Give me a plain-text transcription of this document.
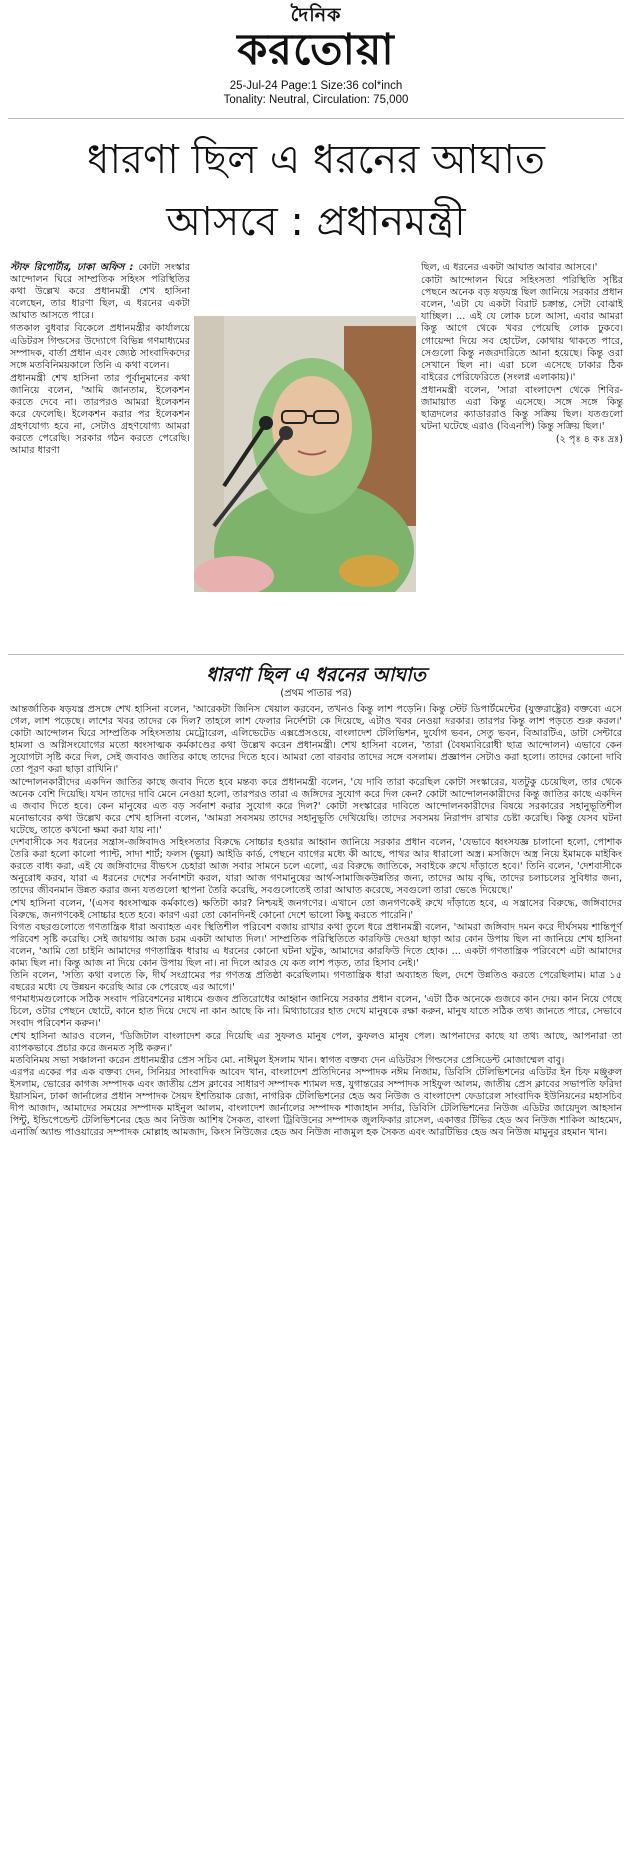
দৈনিক
করতোয়া
25-Jul-24 Page:1 Size:36 col*inch
Tonality: Neutral, Circulation: 75,000
ধারণা ছিল এ ধরনের আঘাত
আসবে : প্রধানমন্ত্রী

স্টাফ রিপোর্টার, ঢাকা অফিস : কোটা সংস্কার আন্দোলন ঘিরে সাম্প্রতিক সহিংস পরিস্থিতির কথা উল্লেখ করে প্রধানমন্ত্রী শেখ হাসিনা বলেছেন, তার ধারণা ছিল, এ ধরনের একটা আঘাত আসতে পারে।

গতকাল বুধবার বিকেলে প্রধানমন্ত্রীর কার্যালয়ে এডিটরস গিল্ডসের উদ্যোগে বিভিন্ন গণমাধ্যমের সম্পাদক, বার্তা প্রধান এবং জ্যেষ্ঠ সাংবাদিকদের সঙ্গে মতবিনিময়কালে তিনি এ কথা বলেন।

প্রধানমন্ত্রী শেখ হাসিনা তার পূর্বানুমানের কথা জানিয়ে বলেন, 'আমি জানতাম, ইলেকশন করতে দেবে না। তারপরও আমরা ইলেকশন করে ফেলেছি। ইলেকশন করার পর ইলেকশন গ্রহণযোগ্য হবে না, সেটাও গ্রহণযোগ্য আমরা করতে পেরেছি। সরকার গঠন করতে পেরেছি। আমার ধারণা

ছিল, এ ধরনের একটা আঘাত আবার আসবে।'

কোটা আন্দোলন ঘিরে সহিংসতা পরিস্থিতি সৃষ্টির পেছনে অনেক বড় ষড়যন্ত্র ছিল জানিয়ে সরকার প্রধান বলেন, 'এটা যে একটা বিরাট চক্রান্ত, সেটা বোঝাই যাচ্ছিল। ... এই যে লোক চলে আসা, এবার আমরা কিন্তু আগে থেকে খবর পেয়েছি লোক ঢুকবে। গোয়েন্দা দিয়ে সব হোটেল, কোথায় থাকতে পারে, সেগুলো কিন্তু নজরদারিতে আনা হয়েছে। কিন্তু ওরা সেখানে ছিল না। এরা চলে এসেছে ঢাকার ঠিক বাইরের পেরিফেরিতে (সংলগ্ন এলাকায়)।'

প্রধানমন্ত্রী বলেন, 'সারা বাংলাদেশ থেকে শিবির-জামায়াত এরা কিন্তু এসেছে। সঙ্গে সঙ্গে কিন্তু ছাত্রদলের ক্যাডাররাও কিন্তু সক্রিয় ছিল। যতগুলো ঘটনা ঘটেছে এরাও (বিএনপি) কিন্তু সক্রিয় ছিল।'

(২ পৃঃ ৪ কঃ দ্রঃ)

ধারণা ছিল এ ধরনের আঘাত
(প্রথম পাতার পর)

আন্তর্জাতিক ষড়যন্ত্র প্রসঙ্গে শেখ হাসিনা বলেন, 'আরেকটা জিনিস খেয়াল করবেন, তখনও কিন্তু লাশ পড়েনি। কিন্তু স্টেট ডিপার্টমেন্টের (যুক্তরাষ্ট্রের) বক্তব্যে এসে গেল, লাশ পড়েছে। লাশের খবর তাদের কে দিল? তাহলে লাশ ফেলার নির্দেশটা কে দিয়েছে, এটাও খবর নেওয়া দরকার। তারপর কিন্তু লাশ পড়তে শুরু করল।' কোটা আন্দোলন ঘিরে সাম্প্রতিক সহিংসতায় মেট্রোরেল, এলিভেটেড এক্সপ্রেসওয়ে, বাংলাদেশ টেলিভিশন, দুর্যোগ ভবন, সেতু ভবন, বিআরটিএ, ডাটা সেন্টারে হামলা ও অগ্নিসংযোগের মতো ধ্বংসাত্মক কর্মকাণ্ডের কথা উল্লেখ করেন প্রধানমন্ত্রী। শেখ হাসিনা বলেন, 'তারা (বৈষম্যবিরোধী ছাত্র আন্দোলন) এভাবে কেন সুযোগটা সৃষ্টি করে দিল, সেই জবাবও জাতির কাছে তাদের দিতে হবে। আমরা তো বারবার তাদের সঙ্গে বসলাম। প্রজ্ঞাপন সেটাও করা হলো। তাদের কোনো দাবি তো পূরণ করা ছাড়া রাখিনি।'

আন্দোলনকারীদের একদিন জাতির কাছে জবাব দিতে হবে মন্তব্য করে প্রধানমন্ত্রী বলেন, 'যে দাবি তারা করেছিল কোটা সংস্কারের, যতটুকু চেয়েছিল, তার থেকে অনেক বেশি দিয়েছি। যখন তাদের দাবি মেনে নেওয়া হলো, তারপরও তারা এ জঙ্গিদের সুযোগ করে দিল কেন? কোটা আন্দোলনকারীদের কিন্তু জাতির কাছে একদিন এ জবাব দিতে হবে। কেন মানুষের এত বড় সর্বনাশ করার সুযোগ করে দিল?' কোটা সংস্কারের দাবিতে আন্দোলনকারীদের বিষয়ে সরকারের সহানুভূতিশীল মনোভাবের কথা উল্লেখ করে শেখ হাসিনা বলেন, 'আমরা সবসময় তাদের সহানুভূতি দেখিয়েছি। তাদের সবসময় নিরাপদ রাখার চেষ্টা করেছি। কিন্তু যেসব ঘটনা ঘটেছে, তাতে কখনো ক্ষমা করা যায় না।'

দেশবাসীকে সব ধরনের সন্ত্রাস-জঙ্গিবাদও সহিংসতার বিরুদ্ধে সোচ্চার হওয়ার আহ্বান জানিয়ে সরকার প্রধান বলেন, 'যেভাবে ধ্বংসযজ্ঞ চালানো হলো, পোশাক তৈরি করা হলো কালো প্যান্ট, সাদা শার্ট; ফলস (ভুয়া) আইডি কার্ড, পেছনে ব্যাগের মধ্যে কী আছে, পাথর আর ধারালো অস্ত্র। মসজিদে অস্ত্র নিয়ে ইমামকে মাইকিং করতে বাধ্য করা, এই যে জঙ্গিবাদের বীভৎস চেহারা আজ সবার সামনে চলে এলো, এর বিরুদ্ধে জাতিকে, সবাইকে রুখে দাঁড়াতে হবে।' তিনি বলেন, 'দেশবাসীকে অনুরোধ করব, যারা এ ধরনের দেশের সর্বনাশটা করল, যারা আজ গণমানুষের আর্থ-সামাজিকউন্নতির জন্য, তাদের আয় বৃদ্ধি, তাদের চলাচলের সুবিধার জন্য, তাদের জীবনমান উন্নত করার জন্য যতগুলো স্থাপনা তৈরি করেছি, সবগুলোতেই তারা আঘাত করেছে, সবগুলো তারা ভেঙে দিয়েছে।'

শেখ হাসিনা বলেন, '(এসব ধ্বংসাত্মক কর্মকাণ্ডে) ক্ষতিটা কার? নিশ্চয়ই জনগণের। এখানে তো জনগণকেই রুখে দাঁড়াতে হবে, এ সন্ত্রাসের বিরুদ্ধে, জঙ্গিবাদের বিরুদ্ধে, জনগণকেই সোচ্চার হতে হবে। কারণ এরা তো কোনদিনই কোনো দেশে ভালো কিছু করতে পারেনি।'

বিগত বছরগুলোতে গণতান্ত্রিক ধারা অব্যাহত এবং স্থিতিশীল পরিবেশ বজায় রাখার কথা তুলে ধরে প্রধানমন্ত্রী বলেন, 'আমরা জঙ্গিবাদ দমন করে দীর্ঘসময় শান্তিপূর্ণ পরিবেশ সৃষ্টি করেছি। সেই জায়গায় আজ চরম একটা আঘাত দিল।' সাম্প্রতিক পরিস্থিতিতে কারফিউ দেওয়া ছাড়া আর কোন উপায় ছিল না জানিয়ে শেখ হাসিনা বলেন, 'আমি তো চাইনি আমাদের গণতান্ত্রিক ধারায় এ ধরনের কোনো ঘটনা ঘটুক, আমাদের কারফিউ দিতে হোক। ... একটা গণতান্ত্রিক পরিবেশে এটা আমাদের কাম্য ছিল না। কিন্তু আজ না দিয়ে কোন উপায় ছিল না। না দিলে আরও যে কত লাশ পড়ত, তার হিসাব নেই।'

তিনি বলেন, 'সত্যি কথা বলতে কি, দীর্ঘ সংগ্রামের পর গণতন্ত্র প্রতিষ্ঠা করেছিলাম। গণতান্ত্রিক ধারা অব্যাহত ছিল, দেশে উন্নতিও করতে পেরেছিলাম। মাত্র ১৫ বছরের মধ্যে যে উন্নয়ন করেছি আর কে পেরেছে এর আগে।'

গণমাধ্যমগুলোকে সঠিক সংবাদ পরিবেশনের মাধ্যমে গুজব প্রতিরোধের আহ্বান জানিয়ে সরকার প্রধান বলেন, 'এটা ঠিক অনেকে গুজবে কান দেয়। কান নিয়ে গেছে চিলে, ওটার পেছনে ছোটে, কানে হাত দিয়ে দেখে না কান আছে কি না। মিথ্যাচারের হাত দেখে মানুষকে রক্ষা করুন, মানুষ যাতে সঠিক তথ্য জানতে পারে, সেভাবে সংবাদ পরিবেশন করুন।'

শেখ হাসিনা আরও বলেন, 'ডিজিটাল বাংলাদেশ করে দিয়েছি এর সুফলও মানুষ পেল, কুফলও মানুষ পেল। আপনাদের কাছে যা তথ্য আছে, আপনারা তা ব্যাপকভাবে প্রচার করে জনমত সৃষ্টি করুন।'

মতবিনিময় সভা সঞ্চালনা করেন প্রধানমন্ত্রীর প্রেস সচিব মো. নাঈমুল ইসলাম খান। স্বাগত বক্তব্য দেন এডিটরস গিল্ডসের প্রেসিডেন্ট মোজাম্মেল বাবু।

এরপর একের পর এক বক্তব্য দেন, সিনিয়র সাংবাদিক আবেদ খান, বাংলাদেশ প্রতিদিনের সম্পাদক নঈম নিজাম, ডিবিসি টেলিভিশনের এডিটর ইন চিফ মঞ্জুরুল ইসলাম, ভোরের কাগজ সম্পাদক এবং জাতীয় প্রেস ক্লাবের সাধারণ সম্পাদক শ্যামল দত্ত, যুগান্তরের সম্পাদক সাইফুল আলম, জাতীয় প্রেস ক্লাবের সভাপতি ফরিদা ইয়াসমিন, ঢাকা জার্নালের প্রধান সম্পাদক সৈয়দ ইশতিয়াক রেজা, নাগরিক টেলিভিশনের হেড অব নিউজ ও বাংলাদেশ ফেডারেল সাংবাদিক ইউনিয়নের মহাসচিব দীপ আজাদ, আমাদের সময়ের সম্পাদক মাইনুল আলম, বাংলাদেশ জার্নালের সম্পাদক শাজাহান সর্দার, ডিবিসি টেলিভিশনের নিউজ এডিটর জায়েদুল আহসান পিন্টু, ইন্ডিপেন্ডেন্ট টেলিভিশনের হেড অব নিউজ আশিষ সৈকত, বাংলা ট্রিবিউনের সম্পাদক জুলফিকার রাসেল, একাত্তর টিভির হেড অব নিউজ শাকিল আহমেদ, এনার্জি অ্যান্ড পাওয়ারের সম্পাদক মোল্লাহ আমজাদ, কিংস নিউজের হেড অব নিউজ নাজমুল হক সৈকত এবং আরটিভির হেড অব নিউজ মামুনুর রহমান খান।
